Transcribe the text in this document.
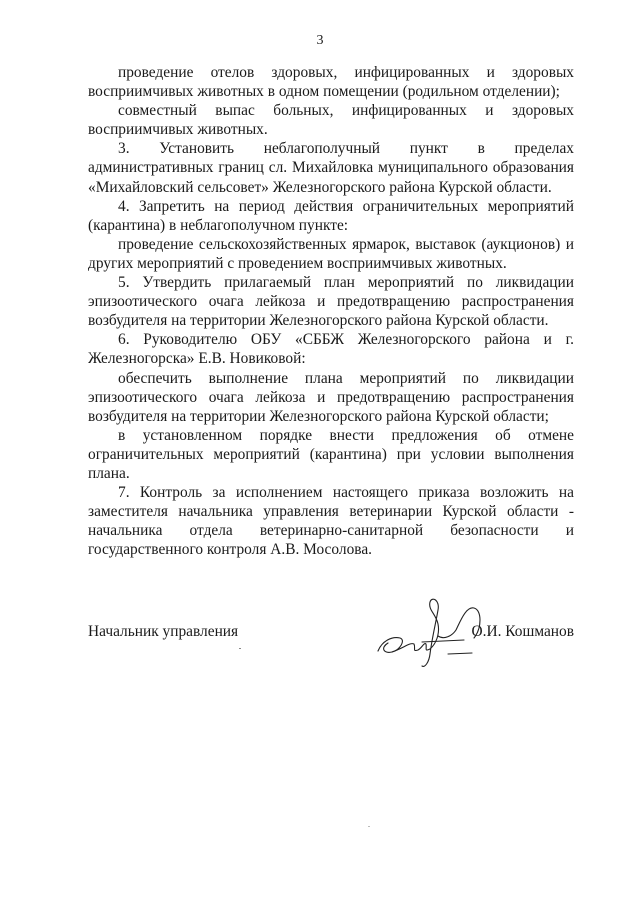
3

проведение отелов здоровых, инфицированных и здоровых восприимчивых животных в одном помещении (родильном отделении);

совместный выпас больных, инфицированных и здоровых восприимчивых животных.

3. Установить неблагополучный пункт в пределах административных границ сл. Михайловка муниципального образования «Михайловский сельсовет» Железногорского района Курской области.

4. Запретить на период действия ограничительных мероприятий (карантина) в неблагополучном пункте:

проведение сельскохозяйственных ярмарок, выставок (аукционов) и других мероприятий с проведением восприимчивых животных.

5. Утвердить прилагаемый план мероприятий по ликвидации эпизоотического очага лейкоза и предотвращению распространения возбудителя на территории Железногорского района Курской области.

6. Руководителю ОБУ «СББЖ Железногорского района и г. Железногорска» Е.В. Новиковой:

обеспечить выполнение плана мероприятий по ликвидации эпизоотического очага лейкоза и предотвращению распространения возбудителя на территории Железногорского района Курской области;

в установленном порядке внести предложения об отмене ограничительных мероприятий (карантина) при условии выполнения плана.

7. Контроль за исполнением настоящего приказа возложить на заместителя начальника управления ветеринарии Курской области - начальника отдела ветеринарно-санитарной безопасности и государственного контроля А.В. Мосолова.

Начальник управления	О.И. Кошманов
